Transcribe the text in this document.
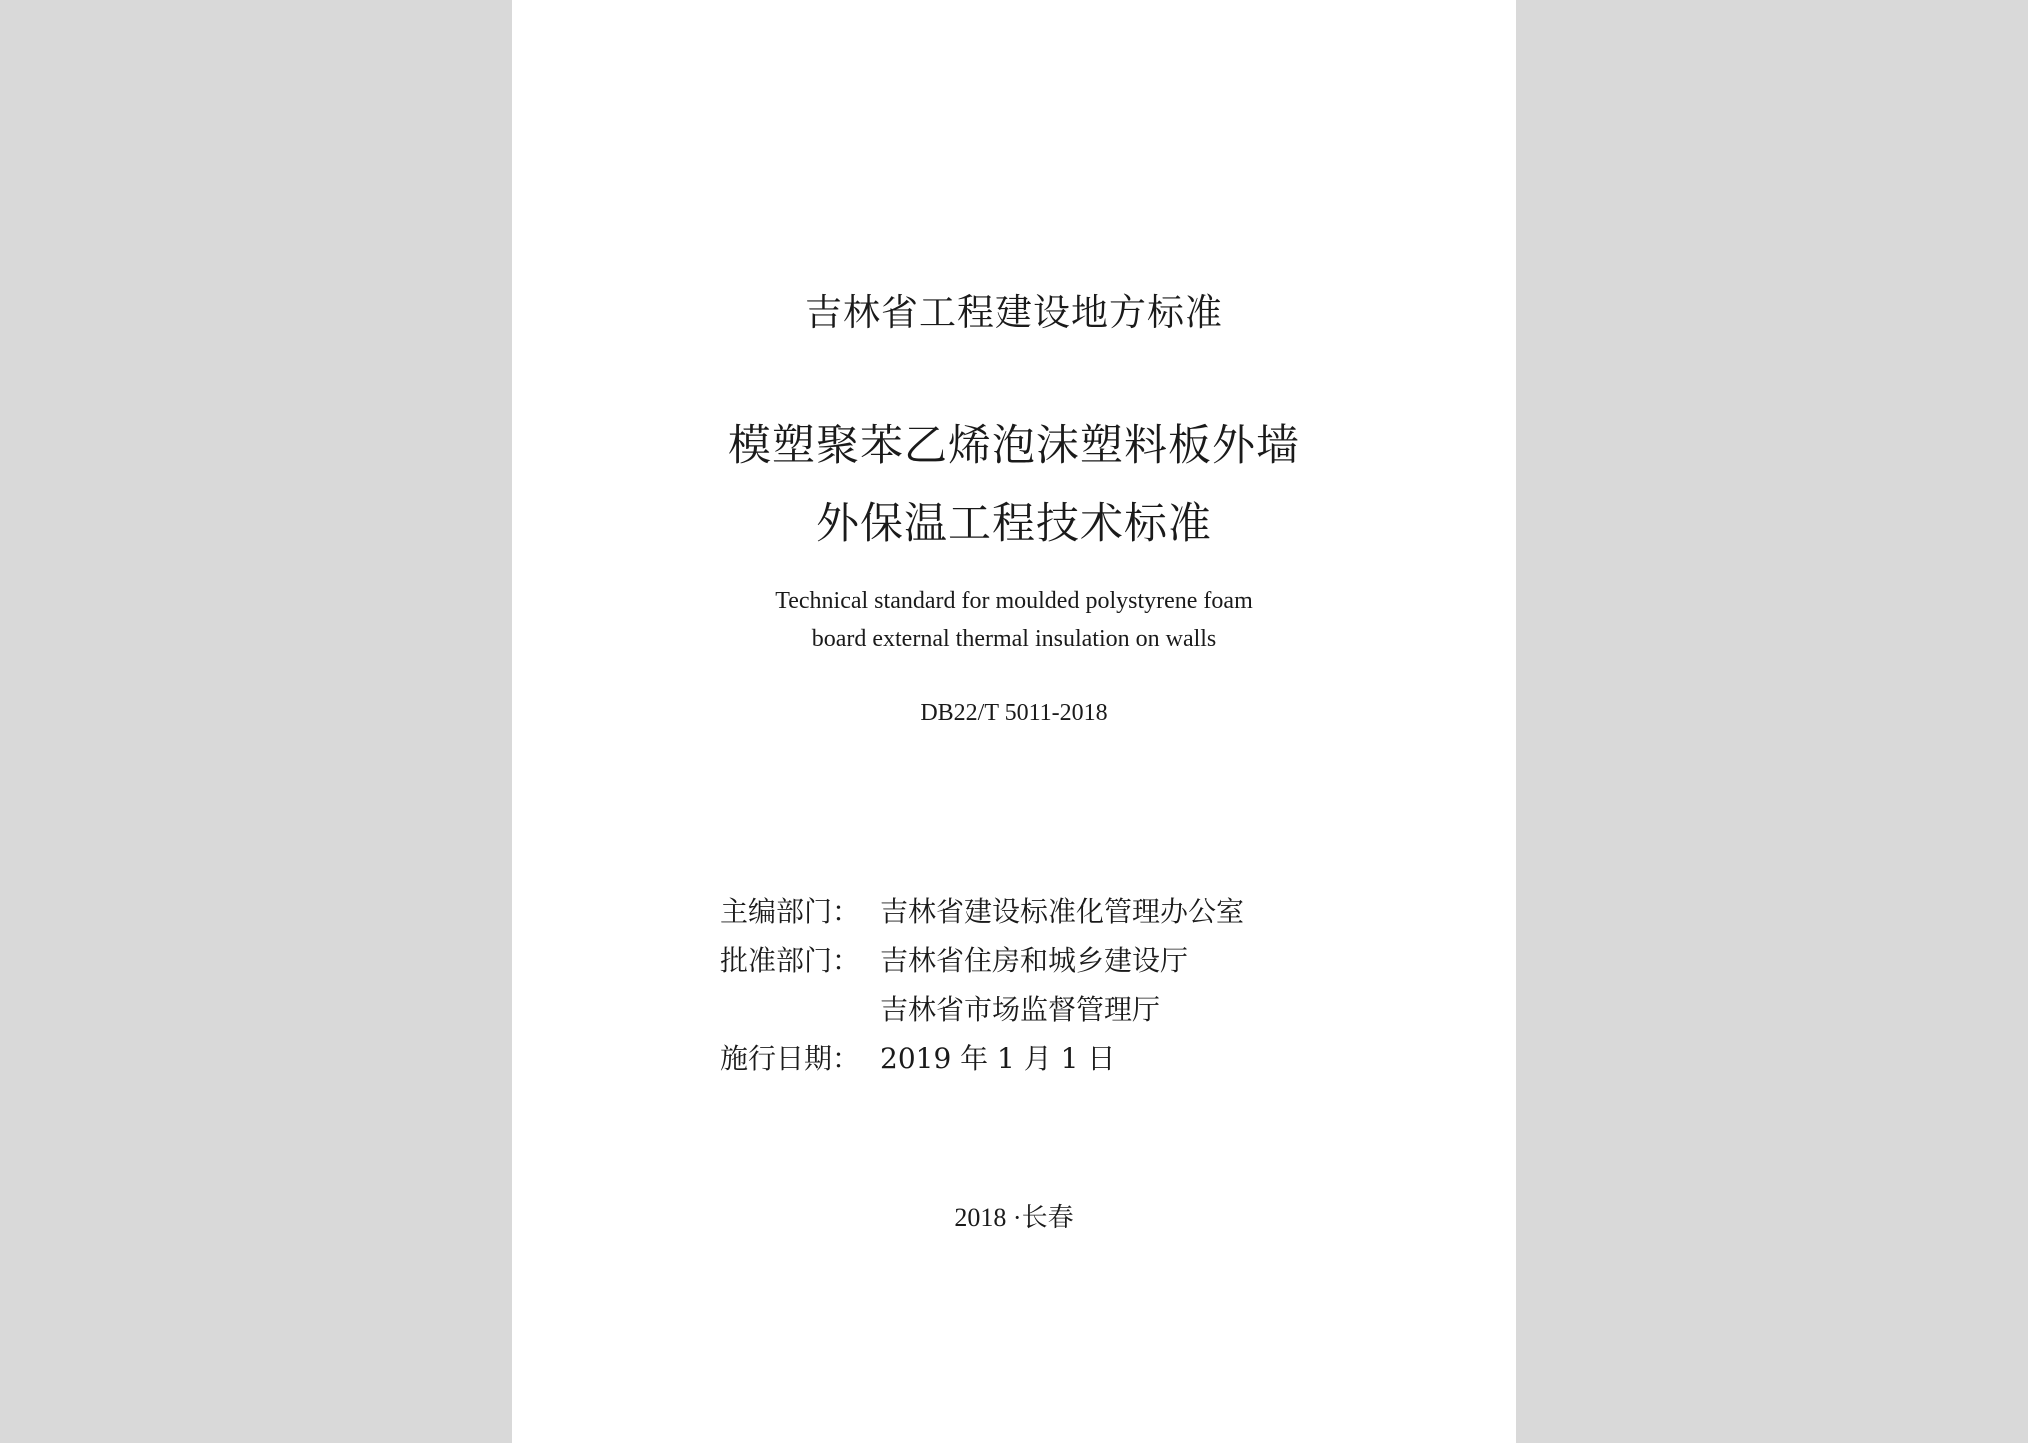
吉林省工程建设地方标准
模塑聚苯乙烯泡沫塑料板外墙
外保温工程技术标准
Technical standard for moulded polystyrene foam
board external thermal insulation on walls
DB22/T 5011-2018
主编部门： 吉林省建设标准化管理办公室
批准部门： 吉林省住房和城乡建设厅
吉林省市场监督管理厅
施行日期： 2019 年 1 月 1 日
2018 ·长春
